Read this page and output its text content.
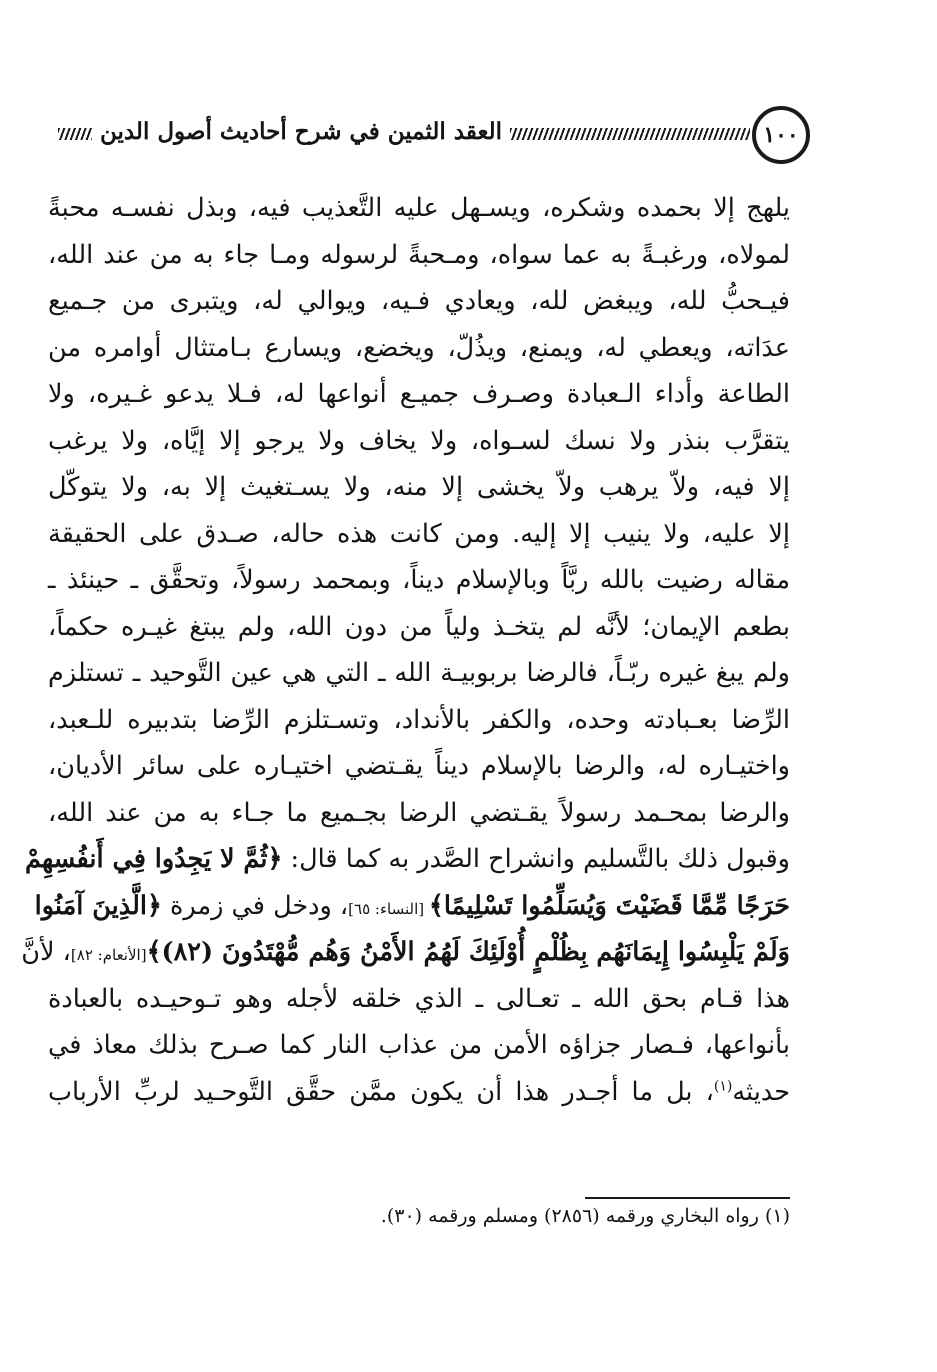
العقد الثمين في شرح أحاديث أصول الدين	١٠٠
يلهج إلا بحمده وشكره، ويسـهل عليه التَّعذيب فيه، وبذل نفسـه محبةً
لمولاه، ورغبـةً به عما سواه، ومـحبةً لرسوله ومـا جاء به من عند الله،
فيـحبُّ لله، ويبغض لله، ويعادي فـيه، ويوالي له، ويتبرى من جـميع
عدَاته، ويعطي له، ويمنع، ويذُلّ، ويخضع، ويسارع بـامتثال أوامره من
الطاعة وأداء الـعبادة وصـرف جميـع أنواعها له، فـلا يدعو غـيره، ولا
يتقرَّب بنذر ولا نسك لسـواه، ولا يخاف ولا يرجو إلا إيَّاه، ولا يرغب
إلا فيه، ولاّ يرهب ولاّ يخشى إلا منه، ولا يسـتغيث إلا به، ولا يتوكّل
إلا عليه، ولا ينيب إلا إليه. ومن كانت هذه حاله، صـدق على الحقيقة
مقاله رضيت بالله ربَّاً وبالإسلام ديناً، وبمحمد رسولاً، وتحقَّق ـ حينئذ ـ
بطعم الإيمان؛ لأنَّه لم يتخـذ ولياً من دون الله، ولم يبتغ غيـره حكماً،
ولم يبغ غيره ربّـاً، فالرضا بربوبيـة الله ـ التي هي عين التَّوحيد ـ تستلزم
الرِّضا بعـبادته وحده، والكفر بالأنداد، وتسـتلزم الرِّضا بتدبيره للـعبد،
واختيـاره له، والرضا بالإسلام ديناً يقـتضي اختيـاره على سائر الأديان،
والرضا بمحـمد رسولاً يقـتضي الرضا بجـميع ما جـاء به من عند الله،
وقبول ذلك بالتَّسليم وانشراح الصَّدر به كما قال: ﴿ثُمَّ لا يَجِدُوا فِي أَنفُسِهِمْ
حَرَجًا مِّمَّا قَضَيْتَ وَيُسَلِّمُوا تَسْلِيمًا﴾ [النساء: ٦٥]، ودخل في زمرة ﴿الَّذِينَ آمَنُوا
وَلَمْ يَلْبِسُوا إِيمَانَهُم بِظُلْمٍ أُوْلَئِكَ لَهُمُ الأَمْنُ وَهُم مُّهْتَدُونَ (٨٢)﴾[الأنعام: ٨٢]، لأنَّ
هذا قـام بحق الله ـ تعـالى ـ الذي خلقه لأجله وهو تـوحيـده بالعبادة
بأنواعها، فـصار جزاؤه الأمن من عذاب النار كما صـرح بذلك معاذ في
حديثه$^{(١)}$، بل ما أجـدر هذا أن يكون ممَّن حقَّق التَّوحـيد لربِّ الأرباب
(١) رواه البخاري ورقمه (٢٨٥٦) ومسلم ورقمه (٣٠).
